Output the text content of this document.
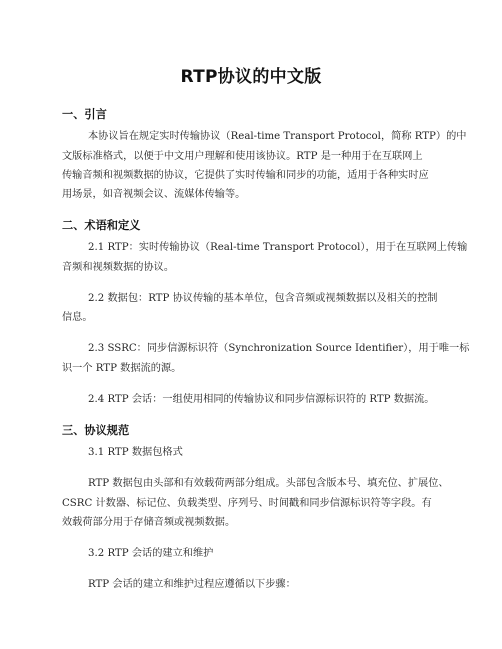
RTP协议的中文版
一、引言
本协议旨在规定实时传输协议（Real-time Transport Protocol，简称 RTP）的中
文版标准格式，以便于中文用户理解和使用该协议。RTP 是一种用于在互联网上
传输音频和视频数据的协议，它提供了实时传输和同步的功能，适用于各种实时应
用场景，如音视频会议、流媒体传输等。
二、术语和定义
2.1 RTP：实时传输协议（Real-time Transport Protocol），用于在互联网上传输
音频和视频数据的协议。
2.2 数据包：RTP 协议传输的基本单位，包含音频或视频数据以及相关的控制
信息。
2.3 SSRC：同步信源标识符（Synchronization Source Identifier），用于唯一标
识一个 RTP 数据流的源。
2.4 RTP 会话：一组使用相同的传输协议和同步信源标识符的 RTP 数据流。
三、协议规范
3.1 RTP 数据包格式
RTP 数据包由头部和有效载荷两部分组成。头部包含版本号、填充位、扩展位、
CSRC 计数器、标记位、负载类型、序列号、时间戳和同步信源标识符等字段。有
效载荷部分用于存储音频或视频数据。
3.2 RTP 会话的建立和维护
RTP 会话的建立和维护过程应遵循以下步骤：
